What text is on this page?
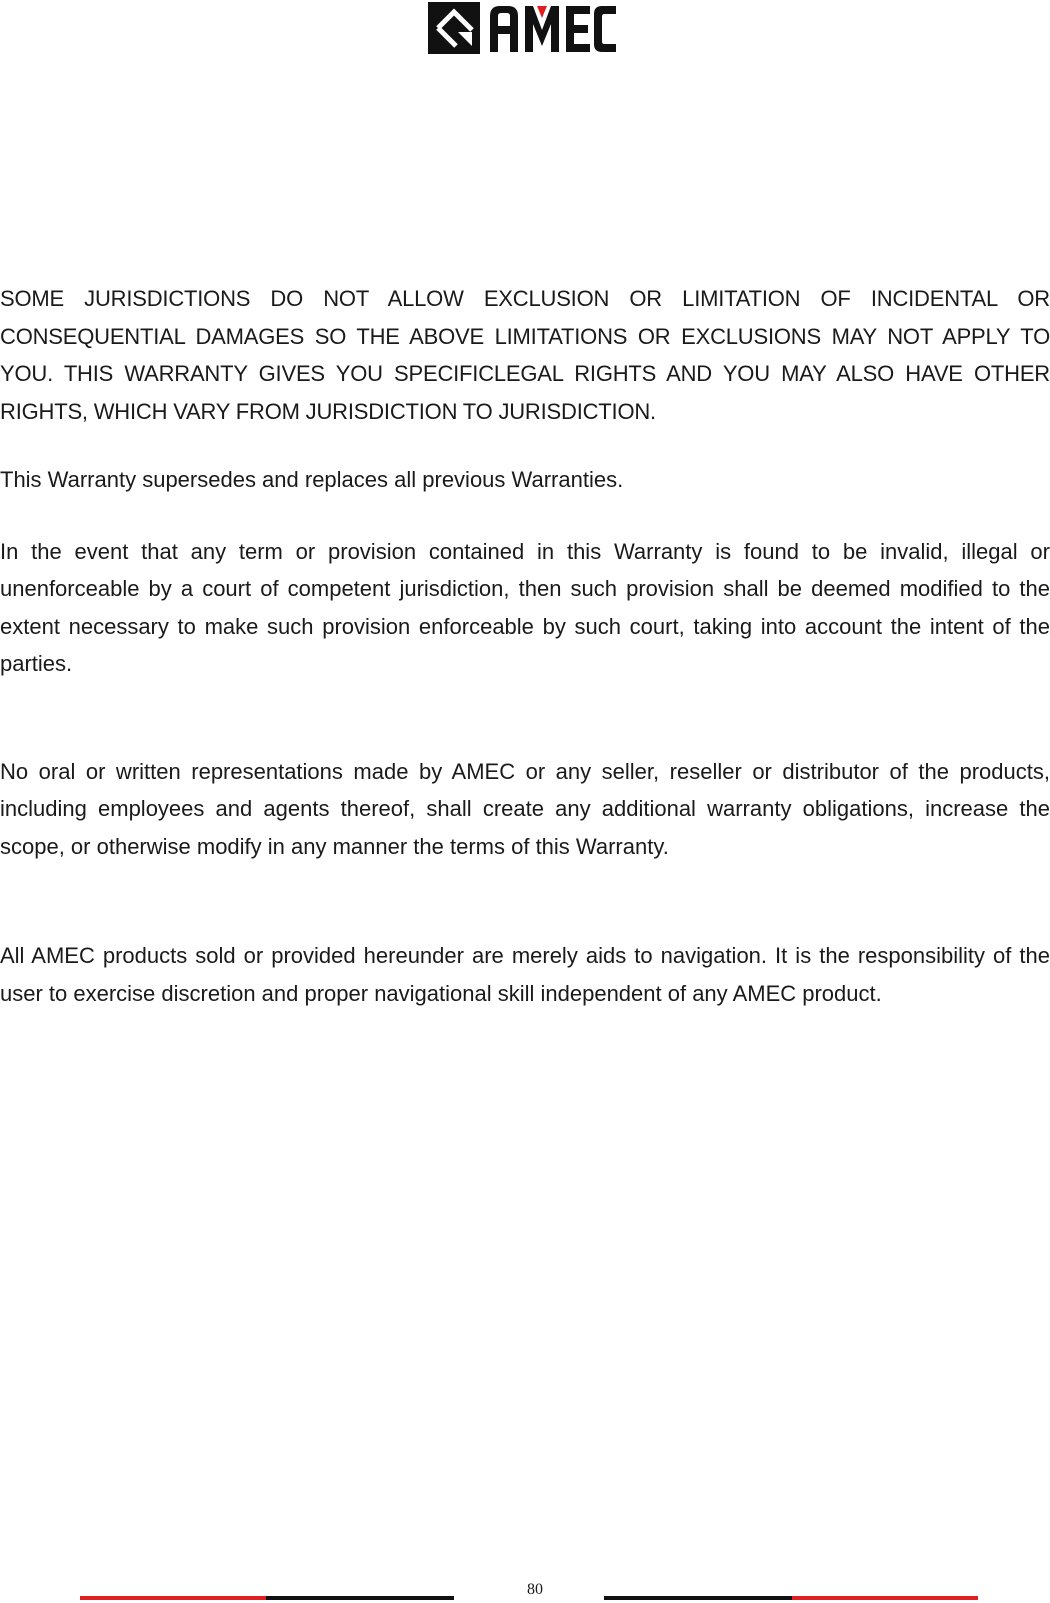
SOME JURISDICTIONS DO NOT ALLOW EXCLUSION OR LIMITATION OF INCIDENTAL OR CONSEQUENTIAL DAMAGES SO THE ABOVE LIMITATIONS OR EXCLUSIONS MAY NOT APPLY TO YOU. THIS WARRANTY GIVES YOU SPECIFICLEGAL RIGHTS AND YOU MAY ALSO HAVE OTHER RIGHTS, WHICH VARY FROM JURISDICTION TO JURISDICTION.

This Warranty supersedes and replaces all previous Warranties.

In the event that any term or provision contained in this Warranty is found to be invalid, illegal or unenforceable by a court of competent jurisdiction, then such provision shall be deemed modified to the extent necessary to make such provision enforceable by such court, taking into account the intent of the parties.

No oral or written representations made by AMEC or any seller, reseller or distributor of the products, including employees and agents thereof, shall create any additional warranty obligations, increase the scope, or otherwise modify in any manner the terms of this Warranty.

All AMEC products sold or provided hereunder are merely aids to navigation. It is the responsibility of the user to exercise discretion and proper navigational skill independent of any AMEC product.

80
